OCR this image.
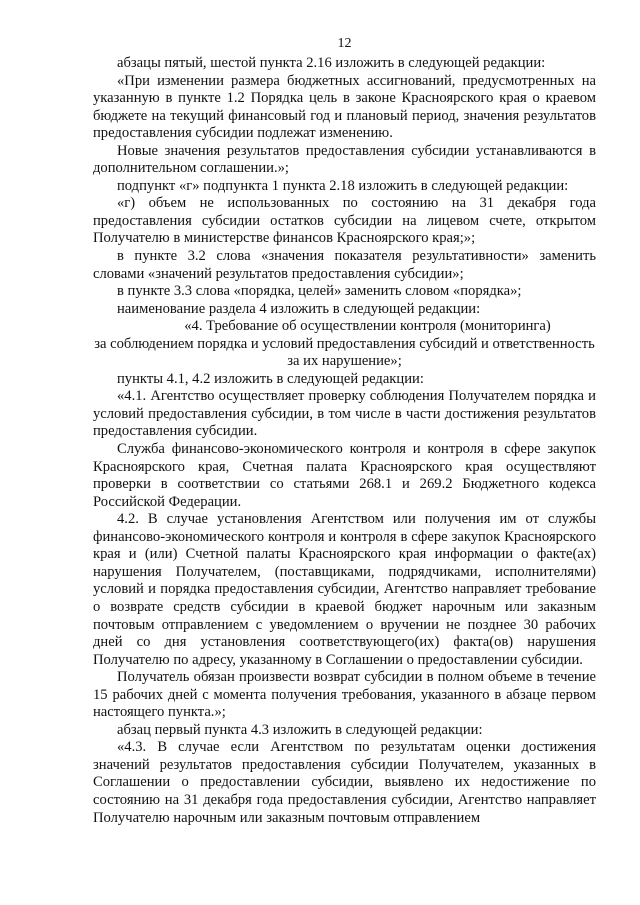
12

абзацы пятый, шестой пункта 2.16 изложить в следующей редакции:

«При изменении размера бюджетных ассигнований, предусмотренных на указанную в пункте 1.2 Порядка цель в законе Красноярского края о краевом бюджете на текущий финансовый год и плановый период, значения результатов предоставления субсидии подлежат изменению.

Новые значения результатов предоставления субсидии устанавливаются в дополнительном соглашении.»;

подпункт «г» подпункта 1 пункта 2.18 изложить в следующей редакции:

«г) объем не использованных по состоянию на 31 декабря года предоставления субсидии остатков субсидии на лицевом счете, открытом Получателю в министерстве финансов Красноярского края;»;

в пункте 3.2 слова «значения показателя результативности» заменить словами «значений результатов предоставления субсидии»;

в пункте 3.3 слова «порядка, целей» заменить словом «порядка»;

наименование раздела 4 изложить в следующей редакции:

«4. Требование об осуществлении контроля (мониторинга)
за соблюдением порядка и условий предоставления субсидий и ответственность
за их нарушение»;

пункты 4.1, 4.2 изложить в следующей редакции:

«4.1. Агентство осуществляет проверку соблюдения Получателем порядка и условий предоставления субсидии, в том числе в части достижения результатов предоставления субсидии.

Служба финансово-экономического контроля и контроля в сфере закупок Красноярского края, Счетная палата Красноярского края осуществляют проверки в соответствии со статьями 268.1 и 269.2 Бюджетного кодекса Российской Федерации.

4.2. В случае установления Агентством или получения им от службы финансово-экономического контроля и контроля в сфере закупок Красноярского края и (или) Счетной палаты Красноярского края информации о факте(ах) нарушения Получателем, (поставщиками, подрядчиками, исполнителями) условий и порядка предоставления субсидии, Агентство направляет требование о возврате средств субсидии в краевой бюджет нарочным или заказным почтовым отправлением с уведомлением о вручении не позднее 30 рабочих дней со дня установления соответствующего(их) факта(ов) нарушения Получателю по адресу, указанному в Соглашении о предоставлении субсидии.

Получатель обязан произвести возврат субсидии в полном объеме в течение 15 рабочих дней с момента получения требования, указанного в абзаце первом настоящего пункта.»;

абзац первый пункта 4.3 изложить в следующей редакции:

«4.3. В случае если Агентством по результатам оценки достижения значений результатов предоставления субсидии Получателем, указанных в Соглашении о предоставлении субсидии, выявлено их недостижение по состоянию на 31 декабря года предоставления субсидии, Агентство направляет Получателю нарочным или заказным почтовым отправлением
